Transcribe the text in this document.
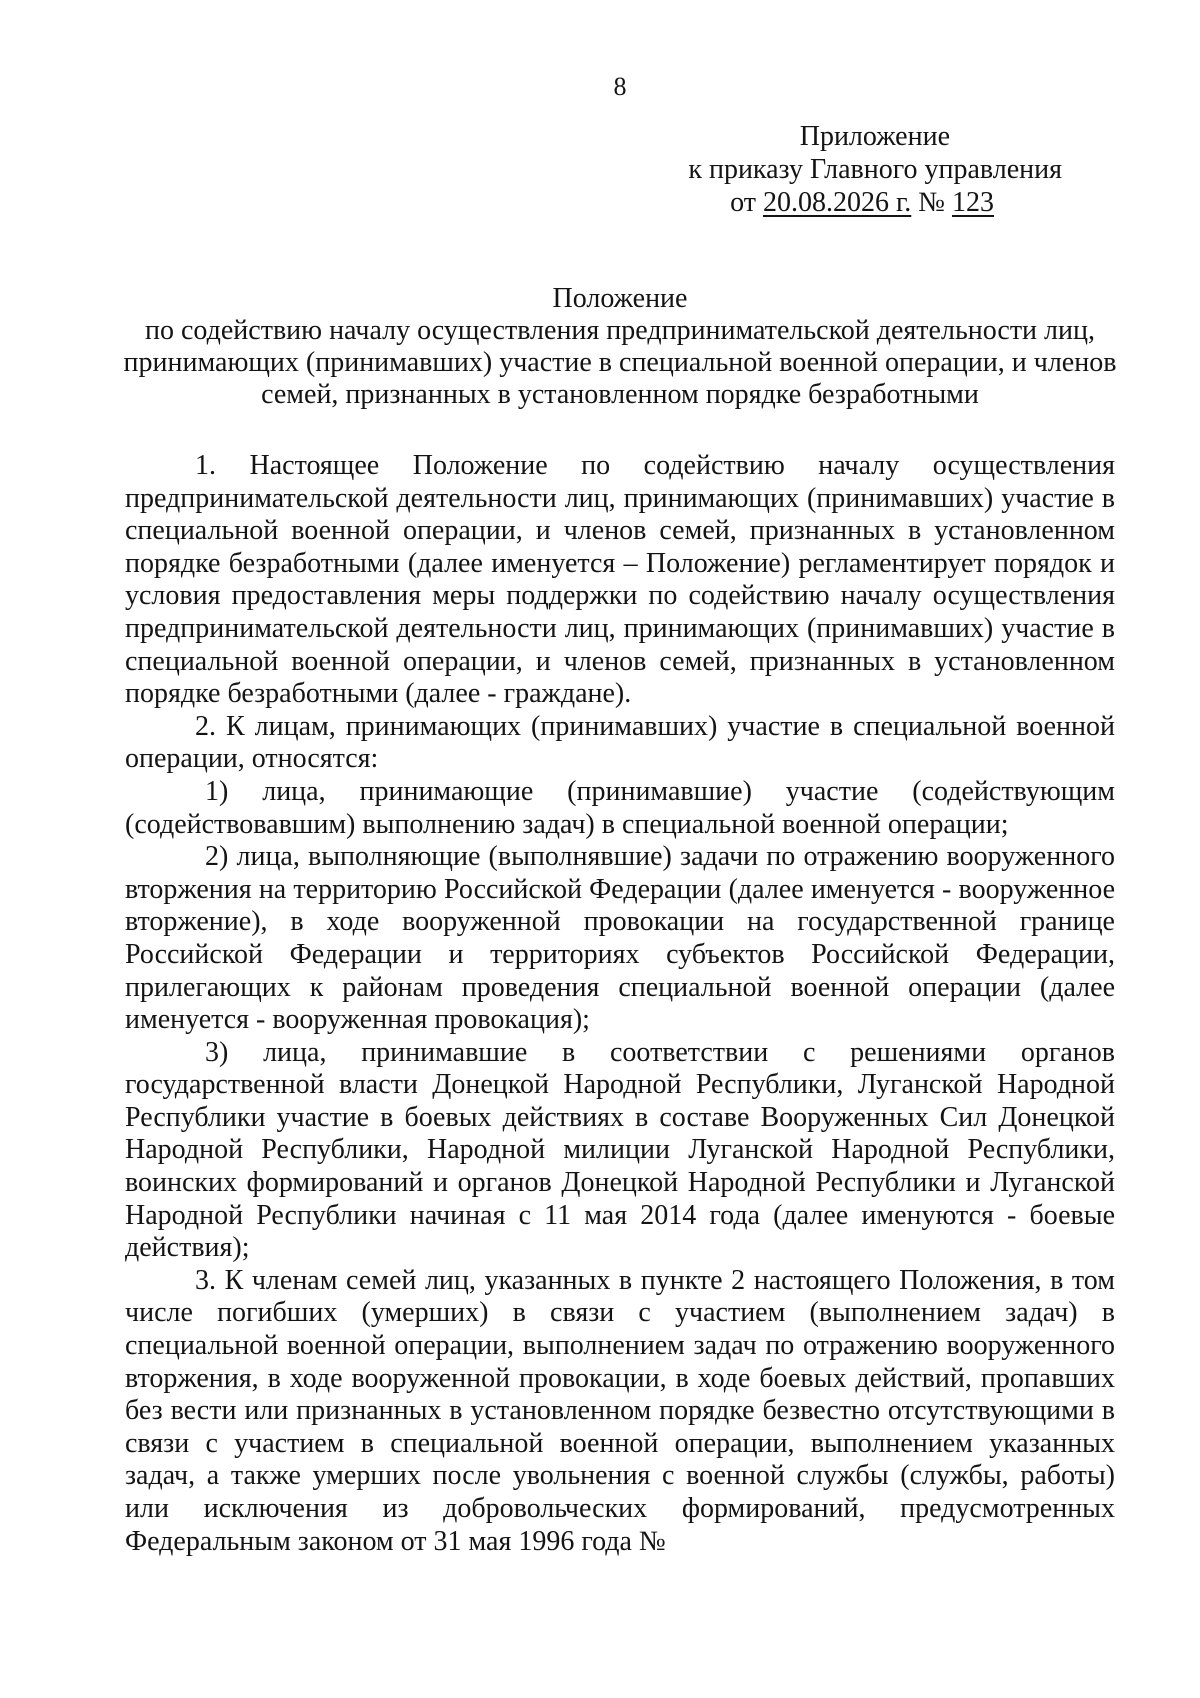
8
Приложение
к приказу Главного управления
от 20.08.2026 г. № 123
Положение
по содействию началу осуществления предпринимательской деятельности лиц, принимающих (принимавших) участие в специальной военной операции, и членов семей, признанных в установленном порядке безработными

1. Настоящее Положение по содействию началу осуществления предпринимательской деятельности лиц, принимающих (принимавших) участие в специальной военной операции, и членов семей, признанных в установленном порядке безработными (далее именуется – Положение) регламентирует порядок и условия предоставления меры поддержки по содействию началу осуществления предпринимательской деятельности лиц, принимающих (принимавших) участие в специальной военной операции, и членов семей, признанных в установленном порядке безработными (далее - граждане).

2. К лицам, принимающих (принимавших) участие в специальной военной операции, относятся:

1) лица, принимающие (принимавшие) участие (содействующим (содействовавшим) выполнению задач) в специальной военной операции;

2) лица, выполняющие (выполнявшие) задачи по отражению вооруженного вторжения на территорию Российской Федерации (далее именуется - вооруженное вторжение), в ходе вооруженной провокации на государственной границе Российской Федерации и территориях субъектов Российской Федерации, прилегающих к районам проведения специальной военной операции (далее именуется - вооруженная провокация);

3) лица, принимавшие в соответствии с решениями органов государственной власти Донецкой Народной Республики, Луганской Народной Республики участие в боевых действиях в составе Вооруженных Сил Донецкой Народной Республики, Народной милиции Луганской Народной Республики, воинских формирований и органов Донецкой Народной Республики и Луганской Народной Республики начиная с 11 мая 2014 года (далее именуются - боевые действия);

3. К членам семей лиц, указанных в пункте 2 настоящего Положения, в том числе погибших (умерших) в связи с участием (выполнением задач) в специальной военной операции, выполнением задач по отражению вооруженного вторжения, в ходе вооруженной провокации, в ходе боевых действий, пропавших без вести или признанных в установленном порядке безвестно отсутствующими в связи с участием в специальной военной операции, выполнением указанных задач, а также умерших после увольнения с военной службы (службы, работы) или исключения из добровольческих формирований, предусмотренных Федеральным законом от 31 мая 1996 года №
